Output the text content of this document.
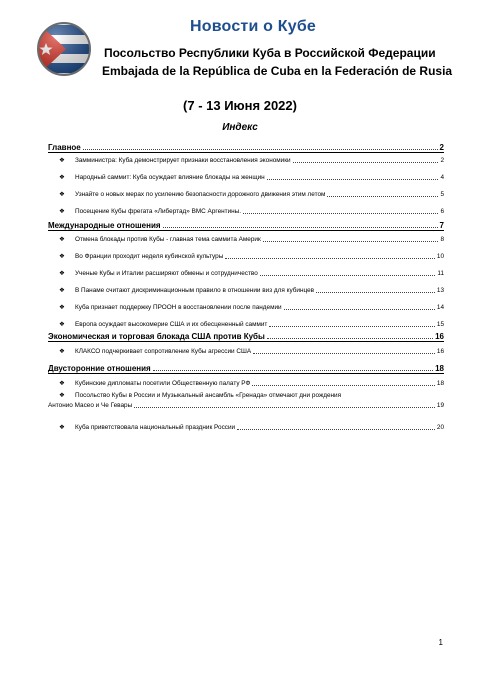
Новости о Кубе
Посольство Республики Куба в Российской Федерации
Embajada de la República de Cuba en la Federación de Rusia
(7 - 13 Июня 2022)
Индекс
Главное	2
❖	Замминистра: Куба демонстрирует признаки восстановления экономики	2
❖	Народный саммит: Куба осуждает влияние блокады на женщин	4
❖	Узнайте о новых мерах по усилению безопасности дорожного движения этим летом	5
❖	Посещение Кубы фрегата «Либертад» ВМС Аргентины.	6
Международные отношения	7
❖	Отмена блокады против Кубы - главная тема саммита Америк	8
❖	Во Франции проходит неделя кубинской культуры	10
❖	Ученые Кубы и Италии расширяют обмены и сотрудничество	11
❖	В Панаме считают дискриминационным правило в отношении виз для кубинцев	13
❖	Куба признает поддержку ПРООН в восстановлении после пандемии	14
❖	Европа осуждает высокомерие США и их обесцененный саммит	15
Экономическая и торговая блокада США против Кубы	16
❖	КЛАКСО подчеркивает сопротивление Кубы агрессии США	16
Двусторонние отношения	18
❖	Кубинские дипломаты посетили Общественную палату РФ	18
❖ Посольство Кубы в России и Музыкальный ансамбль «Гренада» отмечают дни рождения
Антонио Масео и Че Гевары	19
❖	Куба приветствовала национальный праздник России	20
1
